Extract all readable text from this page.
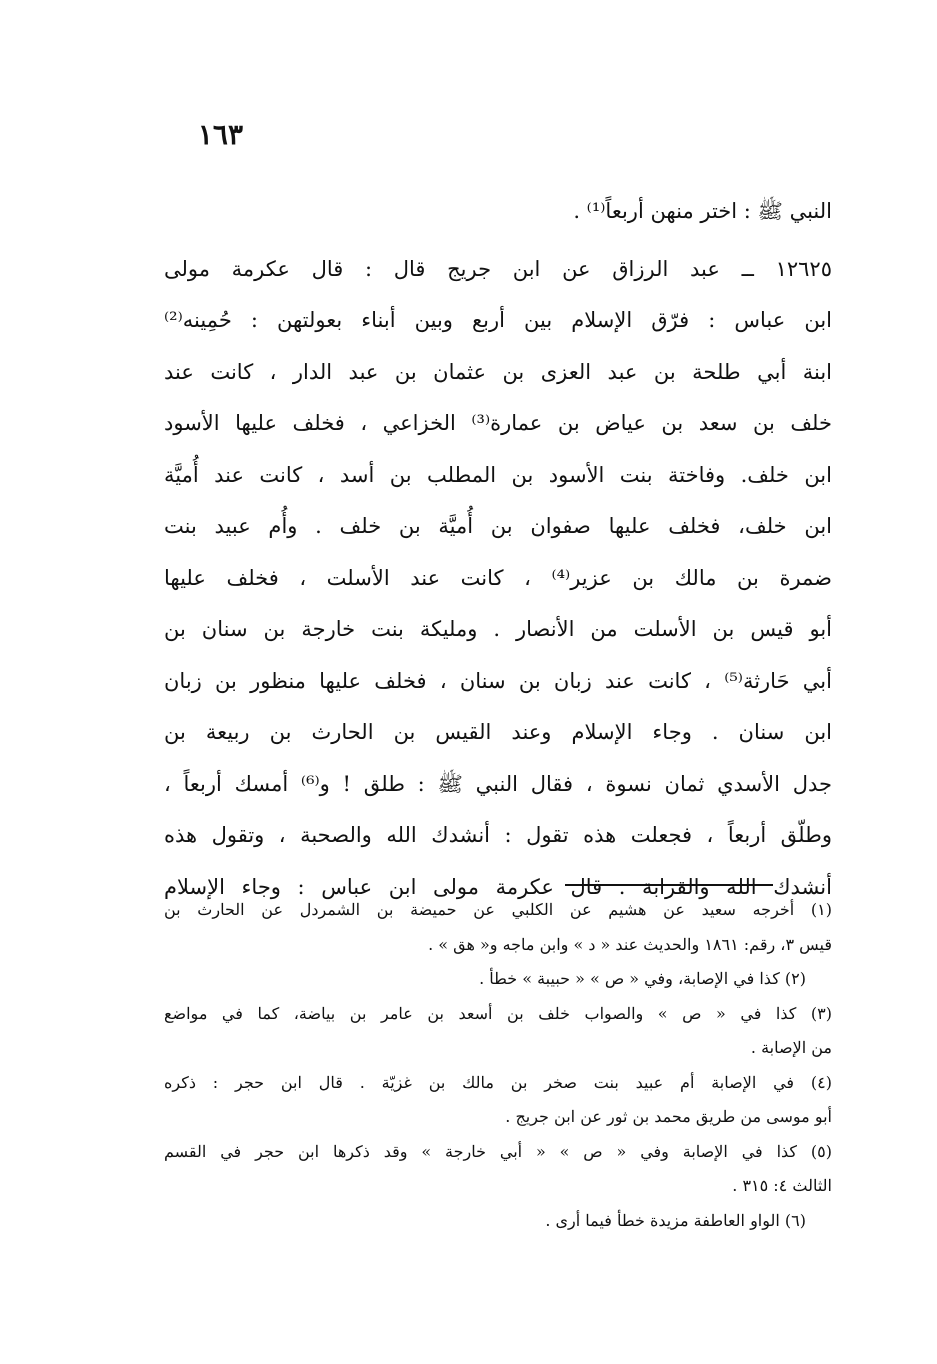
١٦٣
النبي ﷺ : اختر منهن أربعاً⁽¹⁾ .
١٢٦٢٥ ــ عبد الرزاق عن ابن جريج قال : قال عكرمة مولى
ابن عباس : فرّق الإسلام بين أربع وبين أبناء بعولتهن : حُمِينه⁽²⁾
ابنة أبي طلحة بن عبد العزى بن عثمان بن عبد الدار ، كانت عند
خلف بن سعد بن عياض بن عمارة⁽³⁾ الخزاعي ، فخلف عليها الأسود
ابن خلف. وفاختة بنت الأسود بن المطلب بن أسد ، كانت عند أُميَّة
ابن خلف، فخلف عليها صفوان بن أُميَّة بن خلف . وأُم عبيد بنت
ضمرة بن مالك بن عزير⁽⁴⁾ ، كانت عند الأسلت ، فخلف عليها
أبو قيس بن الأسلت من الأنصار . ومليكة بنت خارجة بن سنان بن
أبي حَارثة⁽⁵⁾ ، كانت عند زبان بن سنان ، فخلف عليها منظور بن زبان
ابن سنان . وجاء الإسلام وعند القيس بن الحارث بن ربيعة بن
جدل الأسدي ثمان نسوة ، فقال النبي ﷺ : طلق ! و⁽⁶⁾ أمسك أربعاً ،
وطلّق أربعاً ، فجعلت هذه تقول : أنشدك الله والصحبة ، وتقول هذه
أنشدك الله والقرابة . قال عكرمة مولى ابن عباس : وجاء الإسلام
(١) أخرجه سعيد عن هشيم عن الكلبي عن حميضة بن الشمردل عن الحارث بن
قيس ٣، رقم: ١٨٦١ والحديث عند « د » وابن ماجه و« هق » .
(٢) كذا في الإصابة، وفي « ص » « حبيبة » خطأ .
(٣) كذا في « ص » والصواب خلف بن أسعد بن عامر بن بياضة، كما في مواضع
من الإصابة .
(٤) في الإصابة أم عبيد بنت صخر بن مالك بن غزيّة . قال ابن حجر : ذكره
أبو موسى من طريق محمد بن ثور عن ابن جريج .
(٥) كذا في الإصابة وفي « ص » « أبي خارجة » وقد ذكرها ابن حجر في القسم
الثالث ٤: ٣١٥ .
(٦) الواو العاطفة مزيدة خطأ فيما أرى .
